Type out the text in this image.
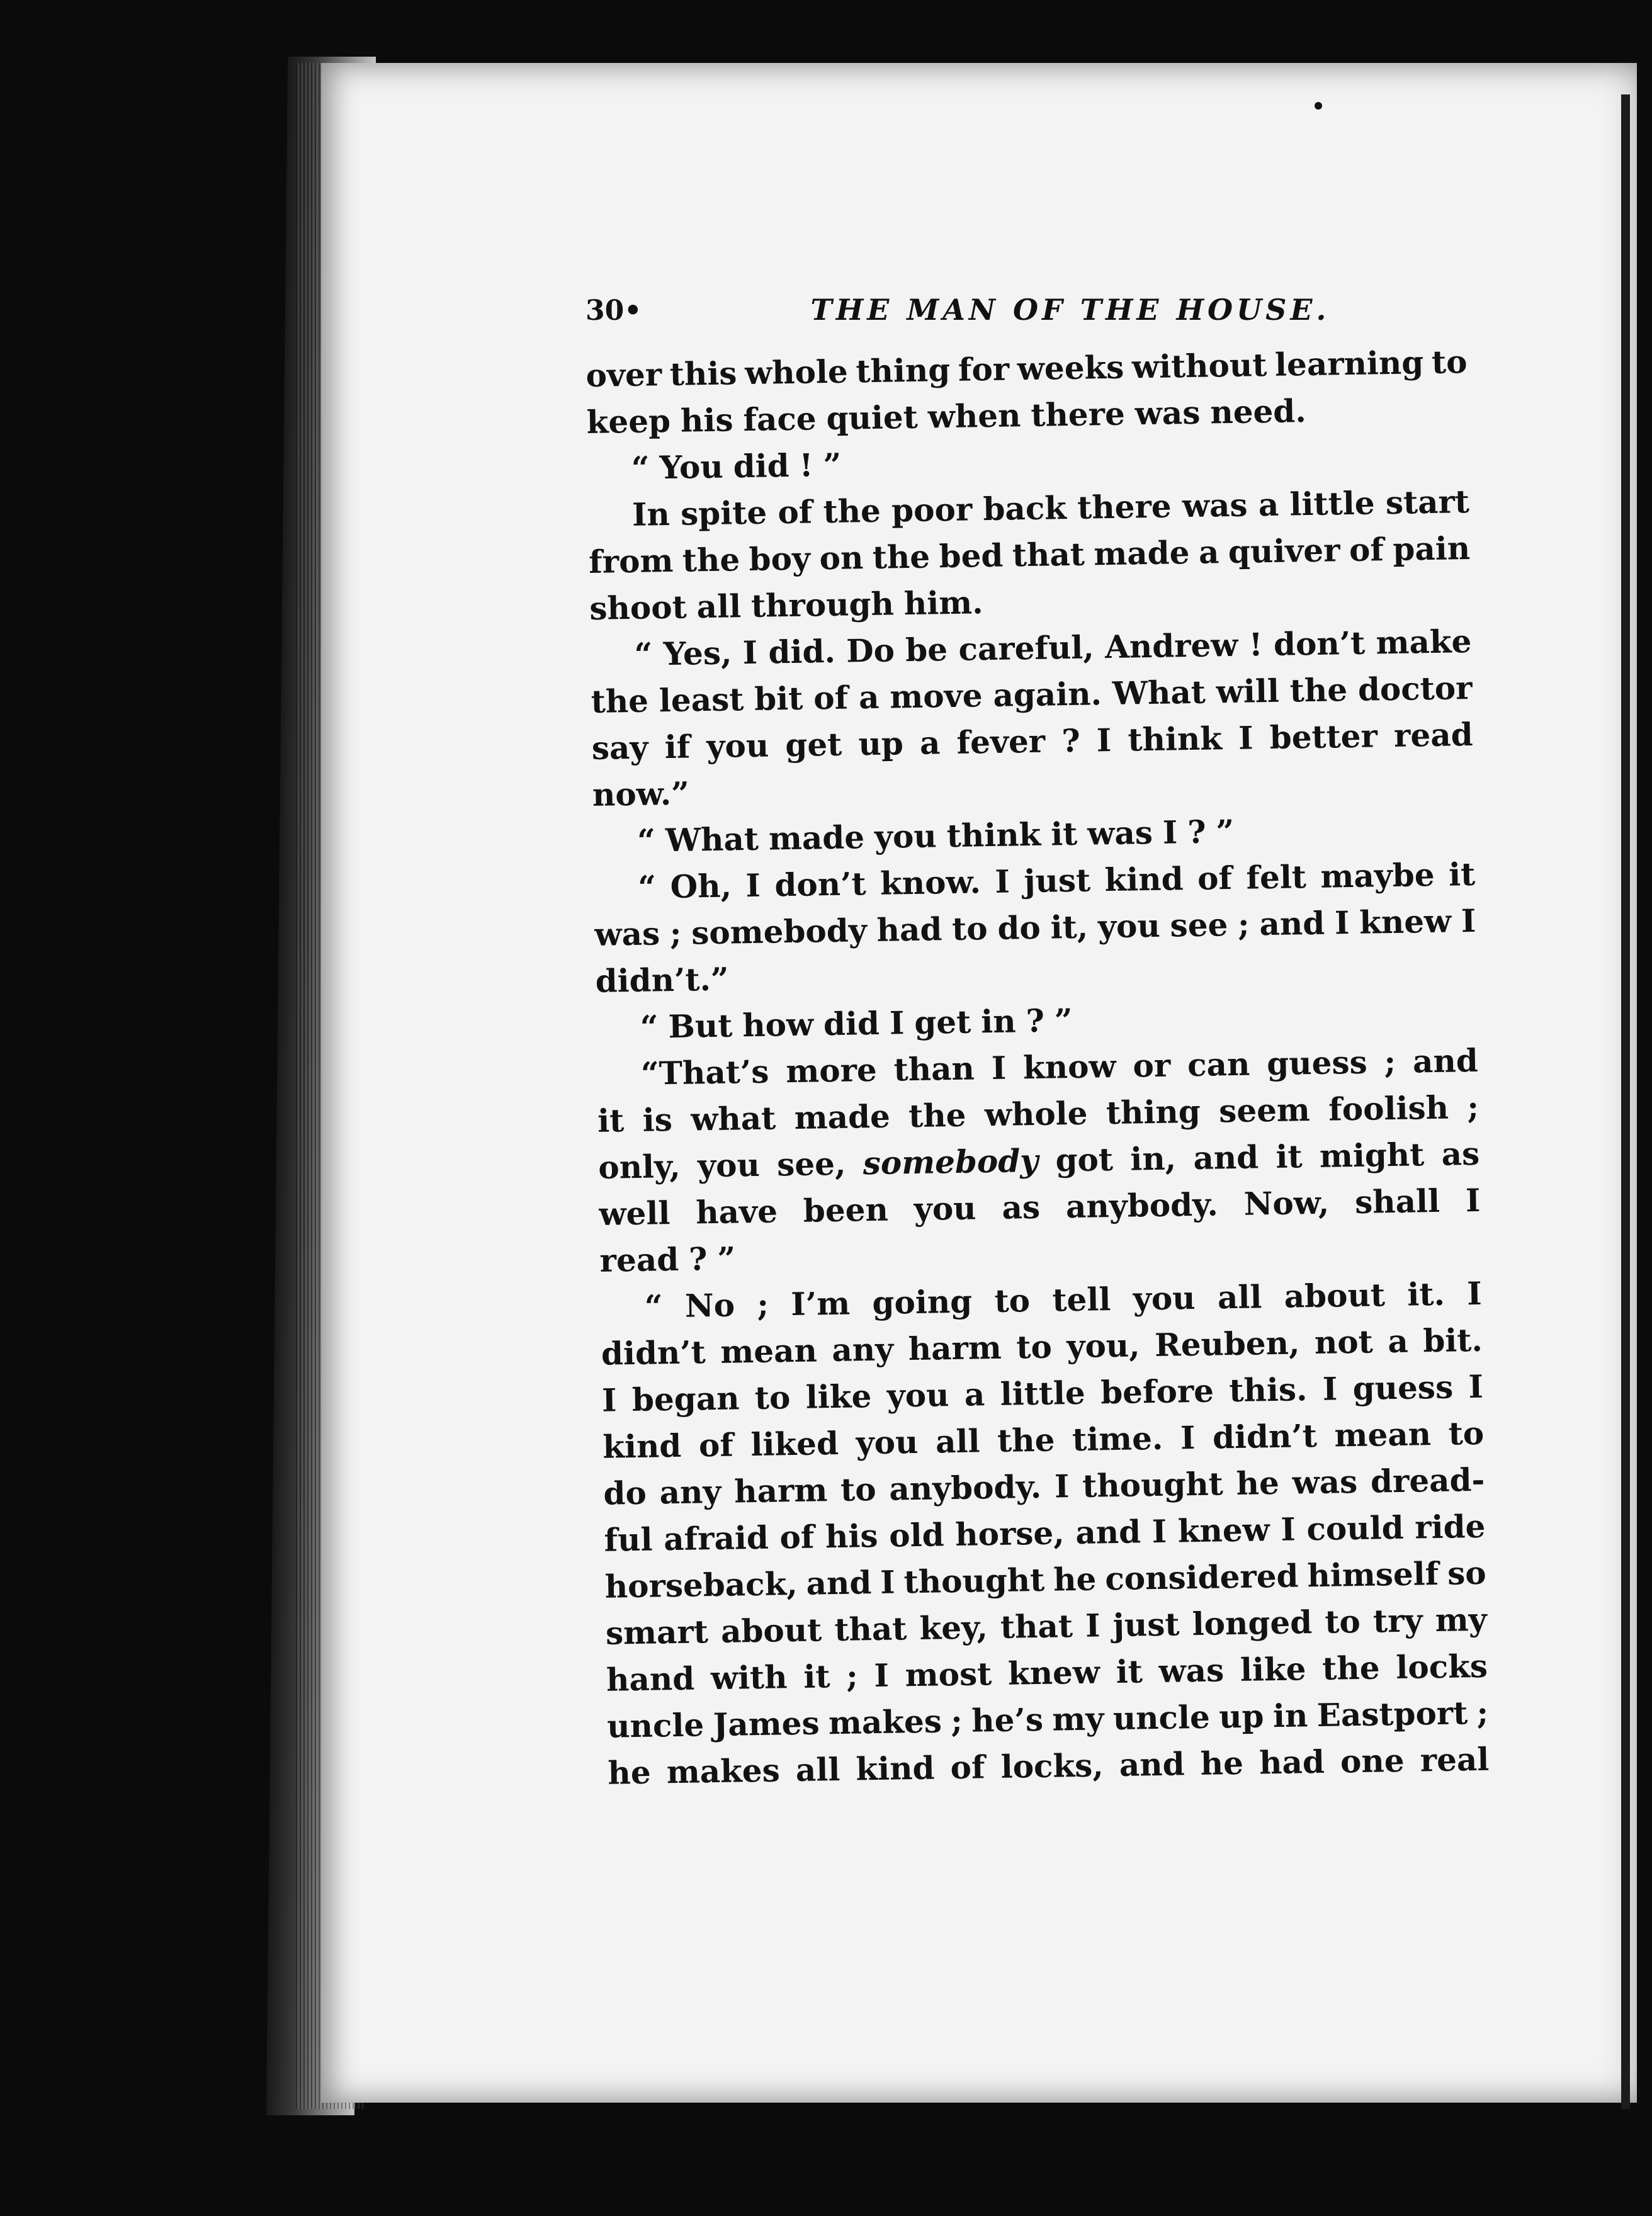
30•	THE MAN OF THE HOUSE.
over this whole thing for weeks without learning to
keep his face quiet when there was need.
“ You did ! ”
In spite of the poor back there was a little start
from the boy on the bed that made a quiver of pain
shoot all through him.
“ Yes, I did. Do be careful, Andrew ! don’t make
the least bit of a move again. What will the doctor
say if you get up a fever ? I think I better read
now.”
“ What made you think it was I ? ”
“ Oh, I don’t know. I just kind of felt maybe it
was ; somebody had to do it, you see ; and I knew I
didn’t.”
“ But how did I get in ? ”
“That’s more than I know or can guess ; and
it is what made the whole thing seem foolish ;
only, you see, somebody got in, and it might as
well have been you as anybody. Now, shall I
read ? ”
“ No ; I’m going to tell you all about it. I
didn’t mean any harm to you, Reuben, not a bit.
I began to like you a little before this. I guess I
kind of liked you all the time. I didn’t mean to
do any harm to anybody. I thought he was dread-
ful afraid of his old horse, and I knew I could ride
horseback, and I thought he considered himself so
smart about that key, that I just longed to try my
hand with it ; I most knew it was like the locks
uncle James makes ; he’s my uncle up in Eastport ;
he makes all kind of locks, and he had one real
